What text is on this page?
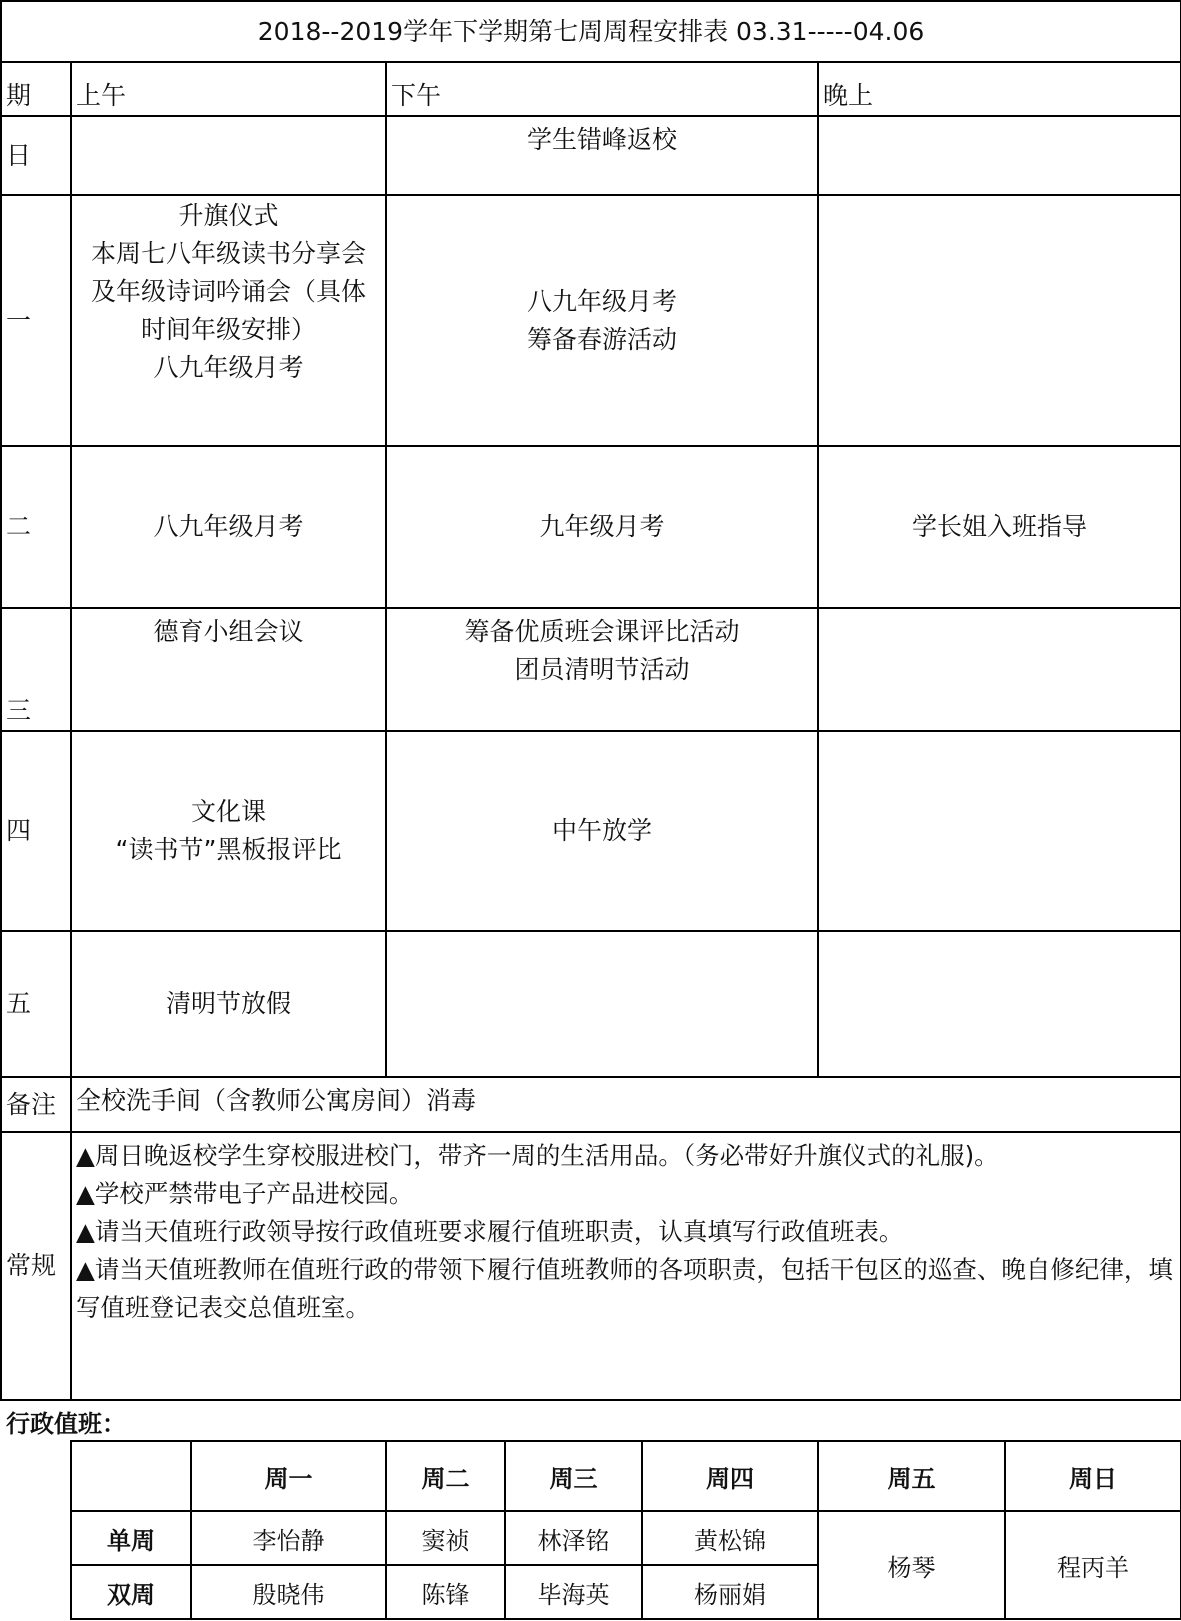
2018--2019学年下学期第七周周程安排表 03.31-----04.06			
期	上午	下午	晚上
日		学生错峰返校	

一	升旗仪式
本周七八年级读书分享会
及年级诗词吟诵会（具体
时间年级安排）
八九年级月考	八九年级月考
筹备春游活动	

二	八九年级月考	九年级月考	学长姐入班指导

三	德育小组会议	筹备优质班会课评比活动
团员清明节活动	

四	文化课
“读书节”黑板报评比	中午放学	

五	清明节放假		

备注	全校洗手间（含教师公寓房间）消毒		
常规	▲周日晚返校学生穿校服进校门，带齐一周的生活用品。（务必带好升旗仪式的礼服)。
▲学校严禁带电子产品进校园。
▲请当天值班行政领导按行政值班要求履行值班职责，认真填写行政值班表。
▲请当天值班教师在值班行政的带领下履行值班教师的各项职责，包括干包区的巡查、晚自修纪律，填写值班登记表交总值班室。		
行政值班：
	周一	周二	周三	周四	周五	周日
单周	李怡静	窦祯	林泽铭	黄松锦	杨琴	程丙羊
双周	殷晓伟	陈锋	毕海英	杨丽娟		
